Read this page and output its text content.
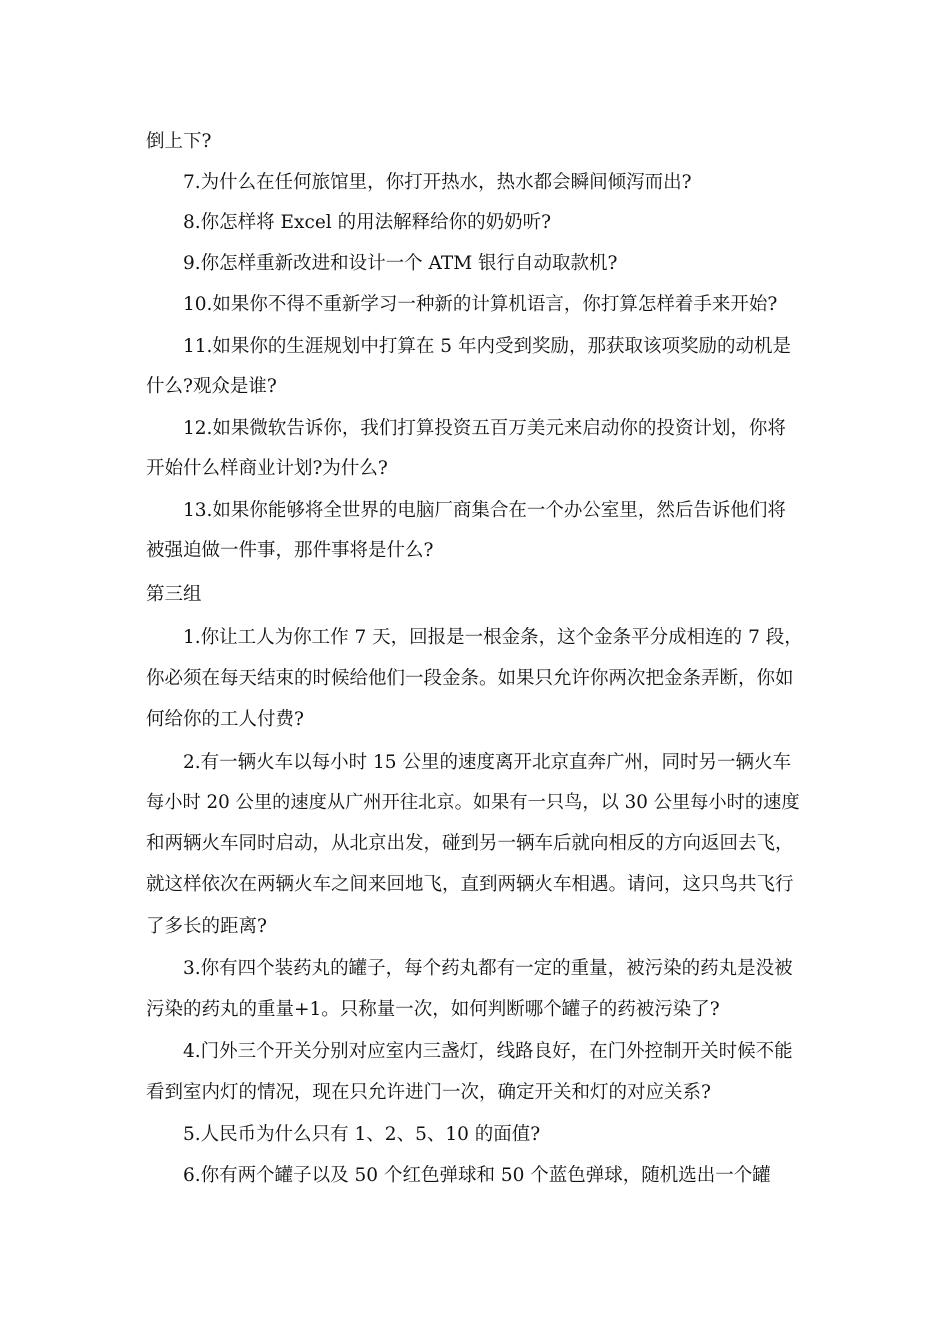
倒上下?

7.为什么在任何旅馆里，你打开热水，热水都会瞬间倾泻而出?

8.你怎样将 Excel 的用法解释给你的奶奶听?

9.你怎样重新改进和设计一个 ATM 银行自动取款机?

10.如果你不得不重新学习一种新的计算机语言，你打算怎样着手来开始?

11.如果你的生涯规划中打算在 5 年内受到奖励，那获取该项奖励的动机是

什么?观众是谁?

12.如果微软告诉你，我们打算投资五百万美元来启动你的投资计划，你将

开始什么样商业计划?为什么?

13.如果你能够将全世界的电脑厂商集合在一个办公室里，然后告诉他们将

被强迫做一件事，那件事将是什么?

第三组

1.你让工人为你工作 7 天，回报是一根金条，这个金条平分成相连的 7 段，

你必须在每天结束的时候给他们一段金条。如果只允许你两次把金条弄断，你如

何给你的工人付费?

2.有一辆火车以每小时 15 公里的速度离开北京直奔广州，同时另一辆火车

每小时 20 公里的速度从广州开往北京。如果有一只鸟，以 30 公里每小时的速度

和两辆火车同时启动，从北京出发，碰到另一辆车后就向相反的方向返回去飞，

就这样依次在两辆火车之间来回地飞，直到两辆火车相遇。请问，这只鸟共飞行

了多长的距离?

3.你有四个装药丸的罐子，每个药丸都有一定的重量，被污染的药丸是没被

污染的药丸的重量+1。只称量一次，如何判断哪个罐子的药被污染了?

4.门外三个开关分别对应室内三盏灯，线路良好，在门外控制开关时候不能

看到室内灯的情况，现在只允许进门一次，确定开关和灯的对应关系?

5.人民币为什么只有 1、2、5、10 的面值?

6.你有两个罐子以及 50 个红色弹球和 50 个蓝色弹球，随机选出一个罐
